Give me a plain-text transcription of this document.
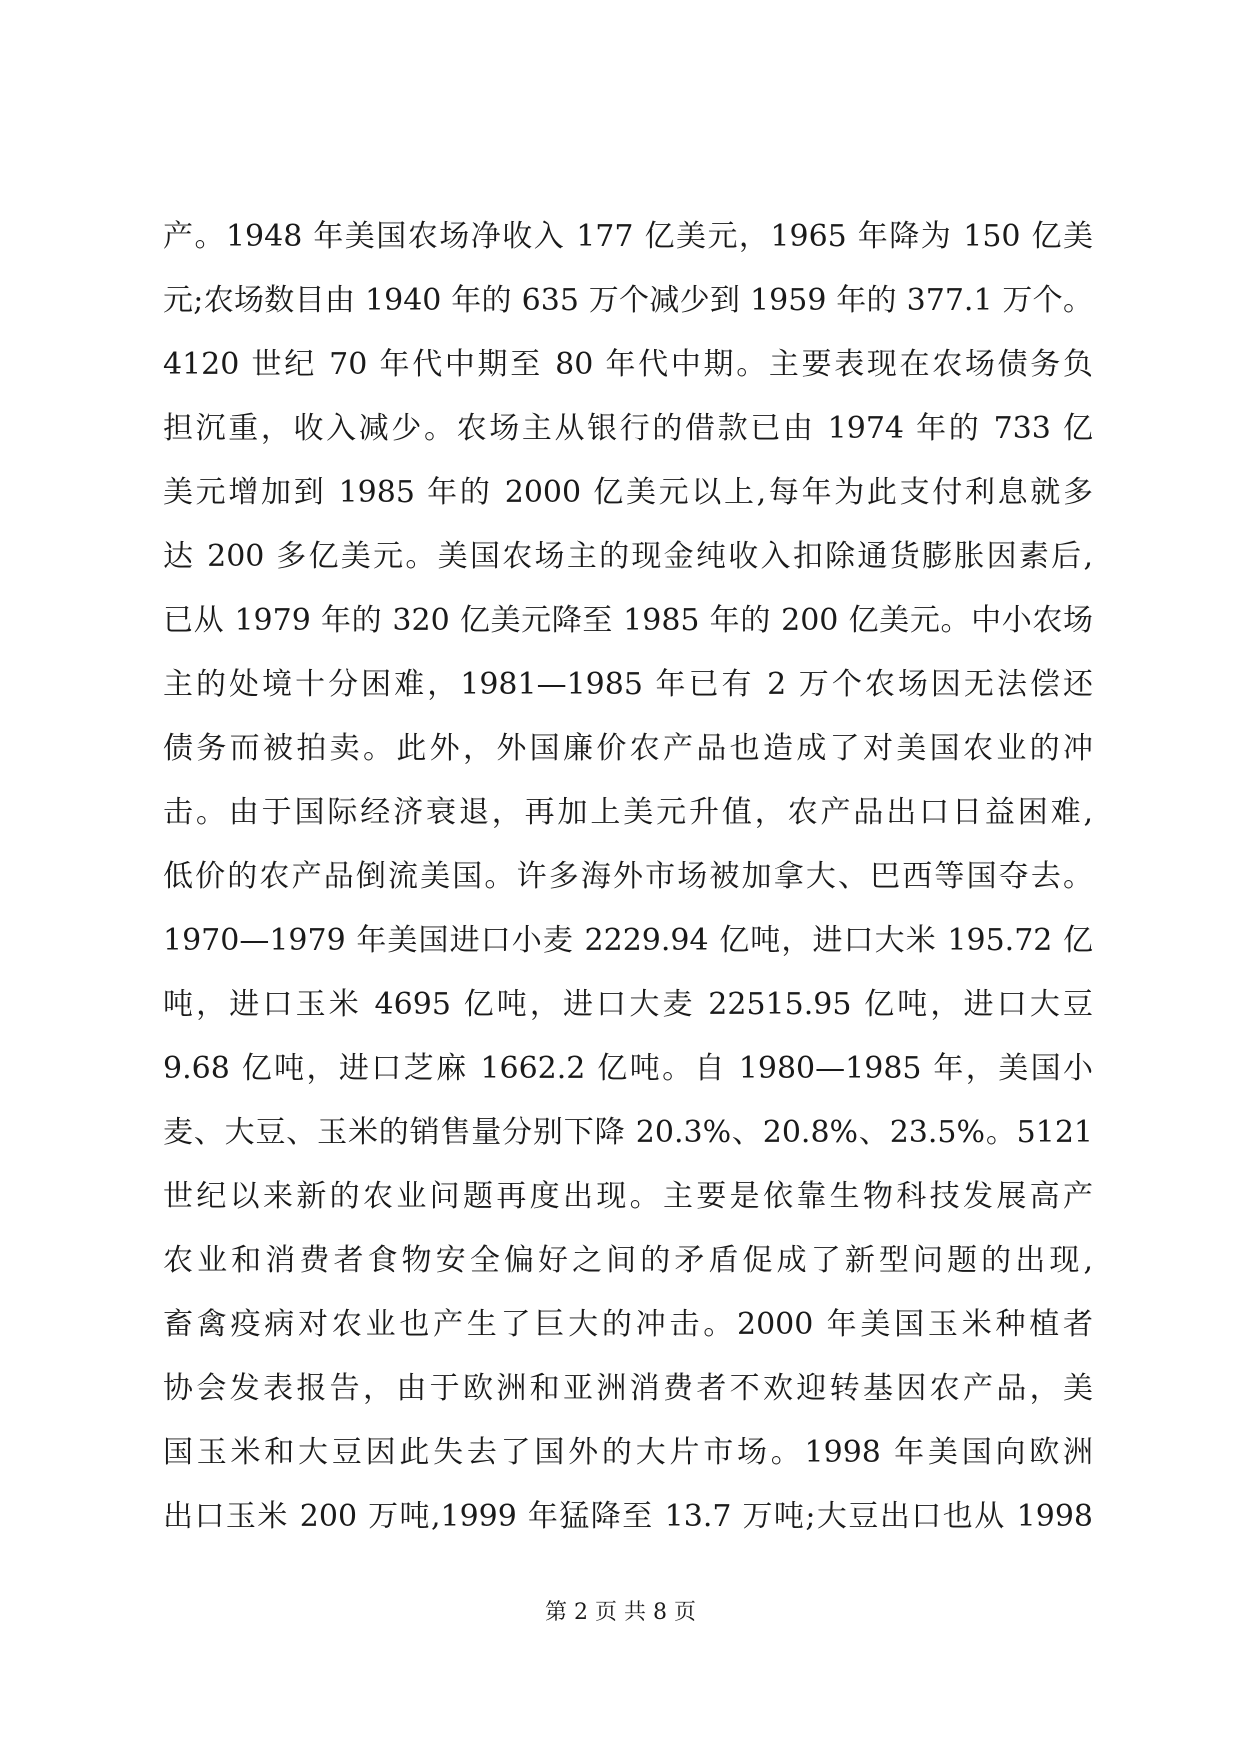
产。1948 年美国农场净收入 177 亿美元，1965 年降为 150 亿美
元;农场数目由 1940 年的 635 万个减少到 1959 年的 377.1 万个。
4120 世纪 70 年代中期至 80 年代中期。主要表现在农场债务负
担沉重，收入减少。农场主从银行的借款已由 1974 年的 733 亿
美元增加到 1985 年的 2000 亿美元以上,每年为此支付利息就多
达 200 多亿美元。美国农场主的现金纯收入扣除通货膨胀因素后,
已从 1979 年的 320 亿美元降至 1985 年的 200 亿美元。中小农场
主的处境十分困难，1981—1985 年已有 2 万个农场因无法偿还
债务而被拍卖。此外，外国廉价农产品也造成了对美国农业的冲
击。由于国际经济衰退，再加上美元升值，农产品出口日益困难,
低价的农产品倒流美国。许多海外市场被加拿大、巴西等国夺去。
1970—1979 年美国进口小麦 2229.94 亿吨，进口大米 195.72 亿
吨，进口玉米 4695 亿吨，进口大麦 22515.95 亿吨，进口大豆
9.68 亿吨，进口芝麻 1662.2 亿吨。自 1980—1985 年，美国小
麦、大豆、玉米的销售量分别下降 20.3%、20.8%、23.5%。5121
世纪以来新的农业问题再度出现。主要是依靠生物科技发展高产
农业和消费者食物安全偏好之间的矛盾促成了新型问题的出现,
畜禽疫病对农业也产生了巨大的冲击。2000 年美国玉米种植者
协会发表报告，由于欧洲和亚洲消费者不欢迎转基因农产品，美
国玉米和大豆因此失去了国外的大片市场。1998 年美国向欧洲
出口玉米 200 万吨,1999 年猛降至 13.7 万吨;大豆出口也从 1998
第 2 页 共 8 页
